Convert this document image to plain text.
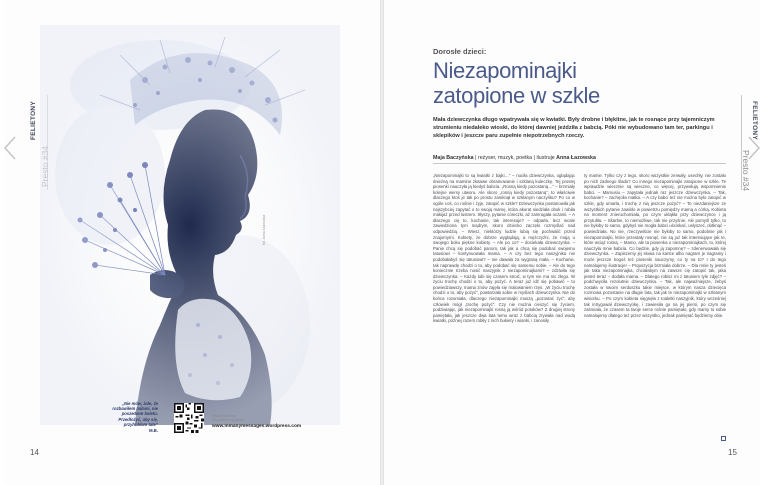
FELIETONY
fot. Anna Łazowska
„Nie mów, żale, że rozbawiłem pałami, nie poszedłem baletu. Przedłożyć, aby się, przyhbbłam tate”
M.B.
Więcej tyczków
Wszystkich na blogu
www.mmanymessages.wordpress.com
14
FELIETONY
Presto #34
Dorosłe dzieci:
Niezapominajki
zatopione w szkle

Mała dziewczynka długo wpatrywała się w kwiatki. Były drobne i błękitne, jak te rosnące przy tajemniczym strumieniu niedaleko wioski, do której dawniej jeździła z babcią. Póki nie wybudowano tam ter, parkingu i sklepików i jeszcze paru zupełnie niepotrzebnych rzeczy.

Maja Baczyńska | reżyser, muzyk, poetka | ilustruje Anna Łazowska

„Niezapominajki to są kwiatki z bajki…” – nuciła dziewczynka, oglądając śnieżną na mamine złotawe obramowanie i szklaną kuleczkę. Tej prostej piosenki nauczyła ją kiedyś babcia. „Rosną kiedy pozostaną…” – brzmiały kolejne wersy utworu. Ale skoro „rosną kiedy pozostaną”, to właściwie dlaczego ktoś je tak po prostu zamknął w szklanym naczyńku? Po co w ogóle coś, co rośnie i żyje, zatopić w szkle? Dziewczynka postanowiła jak najszybciej zapytać o to swoją mamę, która akurat siedziała obok i robiła makijaż przed lustrem. Słyszy, pytanie córeczki, aż zamrugała oczami. – A dlaczego cię to, kochanie, tak interesuje? – odparła, lecz wcale zawiedziona tym mądrym, skoro dziecko zaczęło rozmyślać nad odpowiedzią. – Wiesz, niektórzy ludzie lubią się pochwalić przed znajomymi. Kobiety, że dobrze wyglądają, a mężczyźni, że mają u swojego boku piękne kobiety. – Ale po co? – dociekała dziewczynka. – Panie chcą się podobać panom, tak jak a chcą się podobać swojemu tatusiowi – kontynuowała mama. – A czy bez tego naszyjnika nie podobałabyś się tatusiowi? – nie dawała za wygraną mała. – Kochanie, tak naprawdę chodzi o to, aby podobać się samemu sobie. – Ale do tego koniecznie trzeba nosić naszyjnik z niezapominajkami? – zdziwiła się dziewczynka. – Każdy lubi się czasem stroić, w tym nie ma nic złego. W życiu trochę chodzi o to, aby pożyć. A teraz już idź się pobawić – to powiedziawszy, mama znów zajęła się malowaniem rzęs. „W życiu trochę chodzi o to, aby pożyć”, powtarzała sobie w myślach dziewczynka. Nie do końca rozumiała, dlaczego niezapominajki muszą „pozostać żyć”, aby człowiek mógł „trochę pożyć”. Czy nie można cieszyć się życiem, podziwiając, jak niezapominajki rosną ją wśród potoków? Z drugiej strony pamiętała, jak jeszcze dwa lata temu wraz z babcią zrywała nad wodą kwiatki, później razem robiły z nich bukiety i wianki, i zanosiły

ty mamie. Tylko czy z tego, skoro wszystkie zerwały, usechły, nie zostało po nich żadnego śladu? Co innego niezapominajki zatopione w szkle. Te wprawdzie wiecznie są wieczne, co więcej, przywołują wspomnienie babci. – Mamusiu – zapytała jednak raz jeszcze dziewczynka. – Tak, kochanie? – zachęciła matka. – A czy babci też nie można było zatopić w szkle, gdy umarła, i trochę z nią jeszcze pożyć? – To niezdaniejsze ze wszystkich pytanie zawisło w powietrzu pomiędzy mamą a córką. Kobieta na moment znieruchomiała, po czym ukląkła przy dziewczynce i ją przytuliła. – Skarbie, to niemożliwe, tak nie przyśnie. Ale pomyśl tylko, to nie byłoby to samo, gdybyś nie mogła babci uściskać, usłyszeć, dotknąć – powiedziała. No nie, rzeczywiście nie byłoby to samo, podobnie jak i niezapominajki, które przestały rosnąć, nie są już tak interesujące jak te, które wciąż rosną. – Mamo, ale ta piosenka o niezapominajkach, to, której nauczyła mnie babcia. Co będzie, gdy ją zapomnę? – zdenerwowała się dziewczynka. – Zapiszemy jej słowa na kartce albo nagram je nagramy i może jeszcze kogoś też piosenki nauczymy, co ty na to? I do tego namalujemy ilustracje! – Propozycja brzmiała dobrze. – Dla mnie ty jesteś jak taka niezapominajka, chciałabym na zawsze cię zatopić tak, jaka jesteś teraz – dodała mama. – Dlatego robisz mi z tatusiem tyle zdjęć? – podchwyciła rezolutnie dziewczynka. – Tak, ale najważniejsze, żebyś została w swoim serduszku takie miejsce, w którym nasza dziecięca rozmowa pozostanie na długie lata, tak jak te niezapominajki w szklanym wisiorku. – Po czym kobieta sięgnęła z toaletki naszyjnik, który wcześniej tak intrygował dziewczynkę, i zawiesiła go na jej piersi, po czym się zaśmiała, że czasem ta twoje serce rośnie pamiętało, gdy mamy to sobie namalujemy dlatego też przez wszystko, jednak pamiętać będziemy obie.

15
